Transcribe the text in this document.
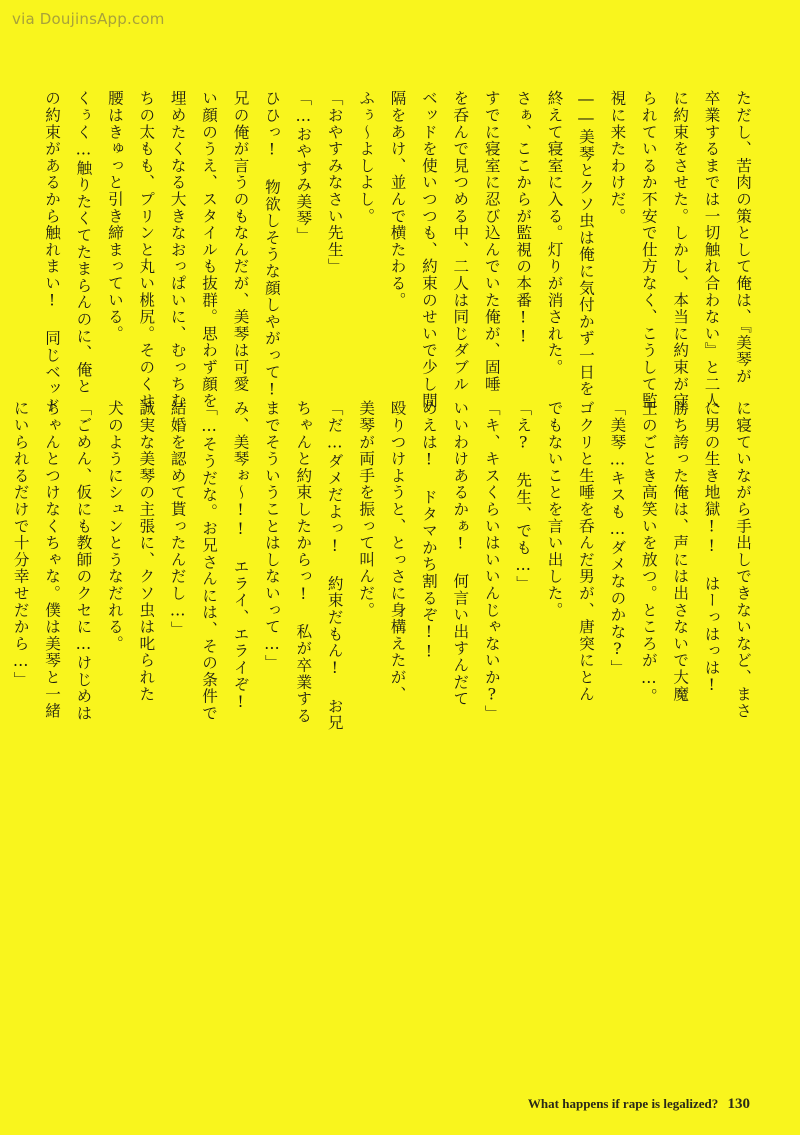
via DoujinsApp.com
ただし、苦肉の策として俺は、『美琴が
卒業するまでは一切触れ合わない』と二人
に約束をさせた。しかし、本当に約束が守
られているか不安で仕方なく、こうして監
視に来たわけだ。
――美琴とクソ虫は俺に気付かず一日を
終えて寝室に入る。灯りが消された。
さぁ、ここからが監視の本番!!
すでに寝室に忍び込んでいた俺が、固唾
を呑んで見つめる中、二人は同じダブル
ベッドを使いつつも、約束のせいで少し間
隔をあけ、並んで横たわる。
ふぅ～よしよし。
「おやすみなさい先生」
「…おやすみ美琴」
ひひっ! 物欲しそうな顔しやがって!
兄の俺が言うのもなんだが、美琴は可愛
い顔のうえ、スタイルも抜群。思わず顔を
埋めたくなる大きなおっぱいに、むっちむ
ちの太もも、プリンと丸い桃尻。そのくせ
腰はきゅっと引き締まっている。
くぅく…触りたくてたまらんのに、俺と
の約束があるから触れまい! 同じベッド
に寝ていながら手出しできないなど、まさ
に男の生き地獄!! はーっはっは!
勝ち誇った俺は、声には出さないで大魔
王のごとき高笑いを放つ。ところが…。
「美琴…キスも…ダメなのかな?」
ゴクリと生唾を呑んだ男が、唐突にとん
でもないことを言い出した。
「え? 先生、でも…」
「キ、キスくらいはいいんじゃないか?」
いいわけあるかぁ! 何言い出すんだて
めえは! ドタマかち割るぞ!!
殴りつけようと、とっさに身構えたが、
美琴が両手を振って叫んだ。
「だ…ダメだよっ! 約束だもん! お兄
ちゃんと約束したからっ! 私が卒業する
までそういうことはしないって…」
み、美琴ぉ～!! エライ、エライぞ!
「…そうだな。お兄さんには、その条件で
結婚を認めて貰ったんだし…」
誠実な美琴の主張に、クソ虫は叱られた
犬のようにシュンとうなだれる。
「ごめん、仮にも教師のクセに…けじめは
ちゃんとつけなくちゃな。僕は美琴と一緒
にいられるだけで十分幸せだから…」
What happens if rape is legalized? 130
